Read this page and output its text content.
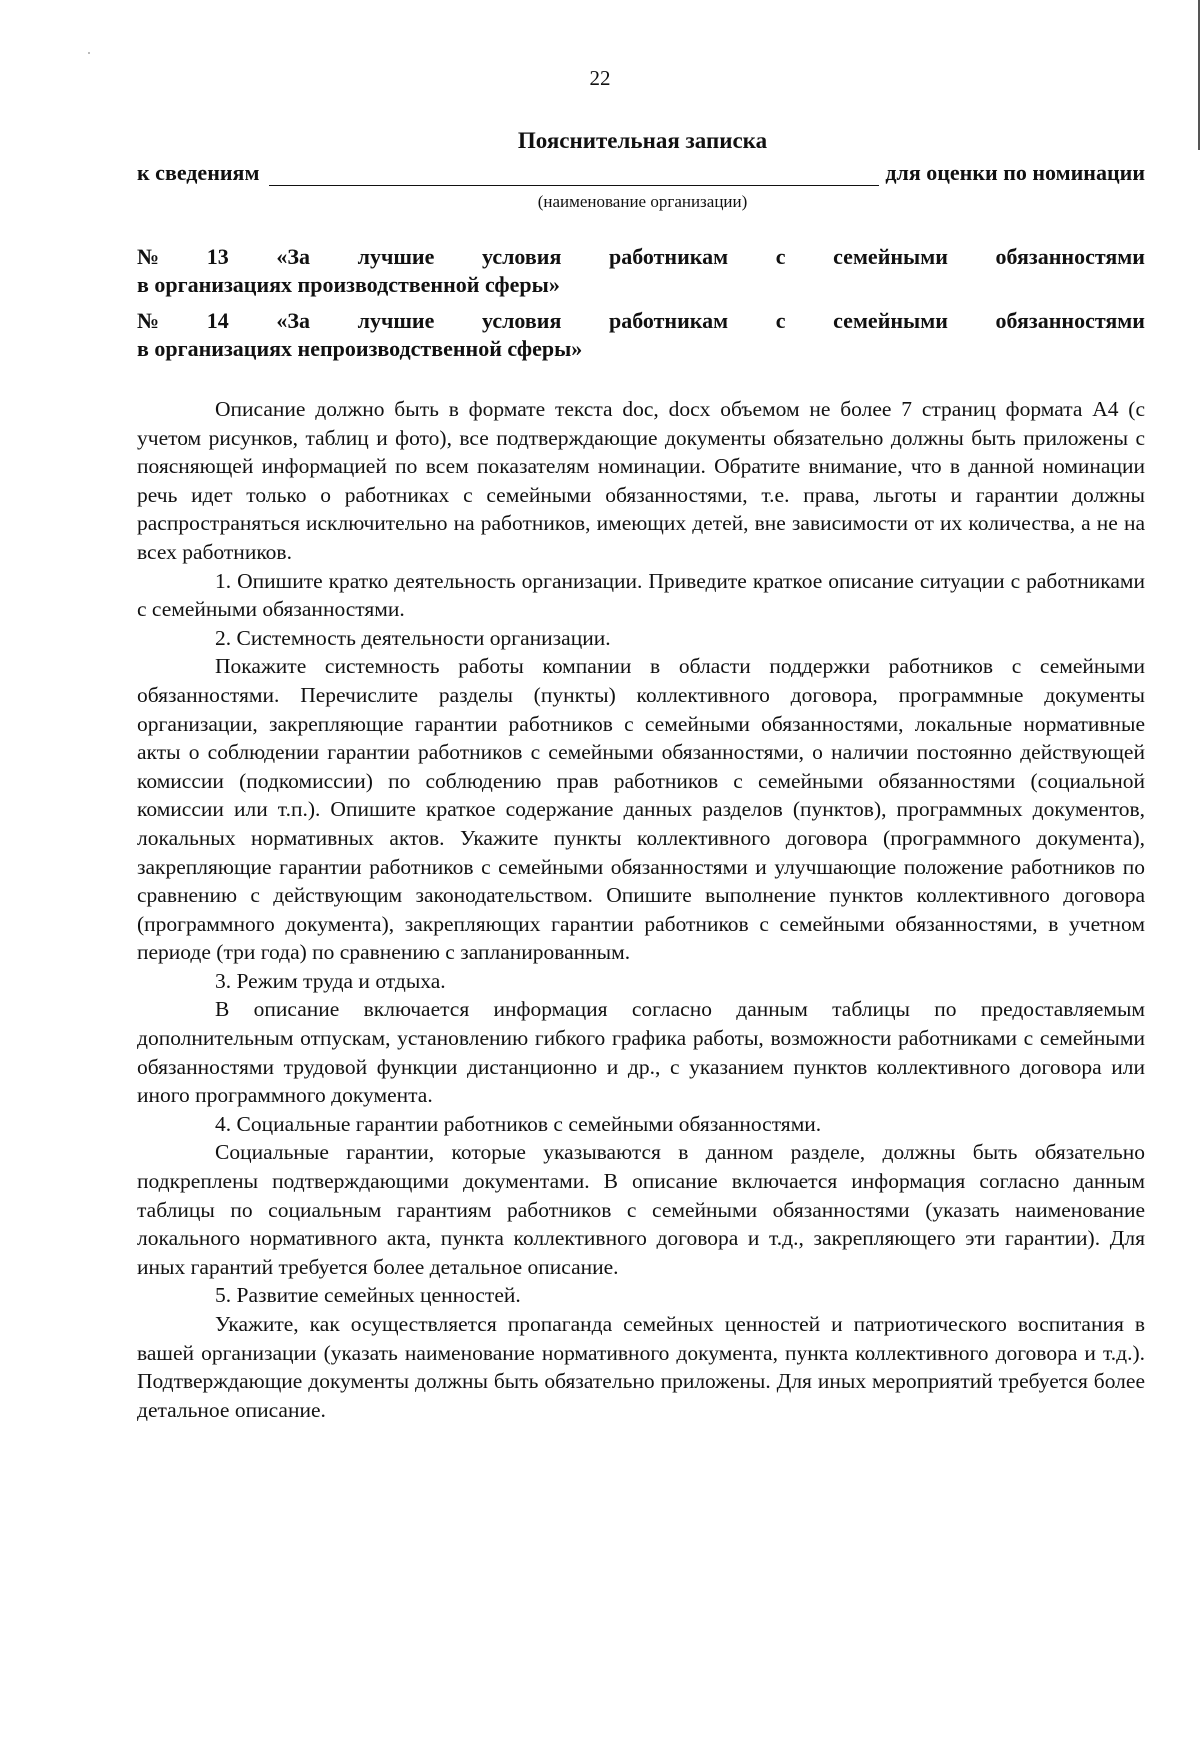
22
Пояснительная записка
к сведениям	для оценки по номинации
(наименование организации)
№ 13 «За лучшие условия работникам с семейными обязанностями
в организациях производственной сферы»
№ 14 «За лучшие условия работникам с семейными обязанностями
в организациях непроизводственной сферы»

Описание должно быть в формате текста doc, docx объемом не более 7 страниц формата А4 (с учетом рисунков, таблиц и фото), все подтверждающие документы обязательно должны быть приложены с поясняющей информацией по всем показателям номинации. Обратите внимание, что в данной номинации речь идет только о работниках с семейными обязанностями, т.е. права, льготы и гарантии должны распространяться исключительно на работников, имеющих детей, вне зависимости от их количества, а не на всех работников.

1. Опишите кратко деятельность организации. Приведите краткое описание ситуации с работниками с семейными обязанностями.

2. Системность деятельности организации.

Покажите системность работы компании в области поддержки работников с семейными обязанностями. Перечислите разделы (пункты) коллективного договора, программные документы организации, закрепляющие гарантии работников с семейными обязанностями, локальные нормативные акты о соблюдении гарантии работников с семейными обязанностями, о наличии постоянно действующей комиссии (подкомиссии) по соблюдению прав работников с семейными обязанностями (социальной комиссии или т.п.). Опишите краткое содержание данных разделов (пунктов), программных документов, локальных нормативных актов. Укажите пункты коллективного договора (программного документа), закрепляющие гарантии работников с семейными обязанностями и улучшающие положение работников по сравнению с действующим законодательством. Опишите выполнение пунктов коллективного договора (программного документа), закрепляющих гарантии работников с семейными обязанностями, в учетном периоде (три года) по сравнению с запланированным.

3. Режим труда и отдыха.

В описание включается информация согласно данным таблицы по предоставляемым дополнительным отпускам, установлению гибкого графика работы, возможности работниками с семейными обязанностями трудовой функции дистанционно и др., с указанием пунктов коллективного договора или иного программного документа.

4. Социальные гарантии работников с семейными обязанностями.

Социальные гарантии, которые указываются в данном разделе, должны быть обязательно подкреплены подтверждающими документами. В описание включается информация согласно данным таблицы по социальным гарантиям работников с семейными обязанностями (указать наименование локального нормативного акта, пункта коллективного договора и т.д., закрепляющего эти гарантии). Для иных гарантий требуется более детальное описание.

5. Развитие семейных ценностей.

Укажите, как осуществляется пропаганда семейных ценностей и патриотического воспитания в вашей организации (указать наименование нормативного документа, пункта коллективного договора и т.д.). Подтверждающие документы должны быть обязательно приложены. Для иных мероприятий требуется более детальное описание.
